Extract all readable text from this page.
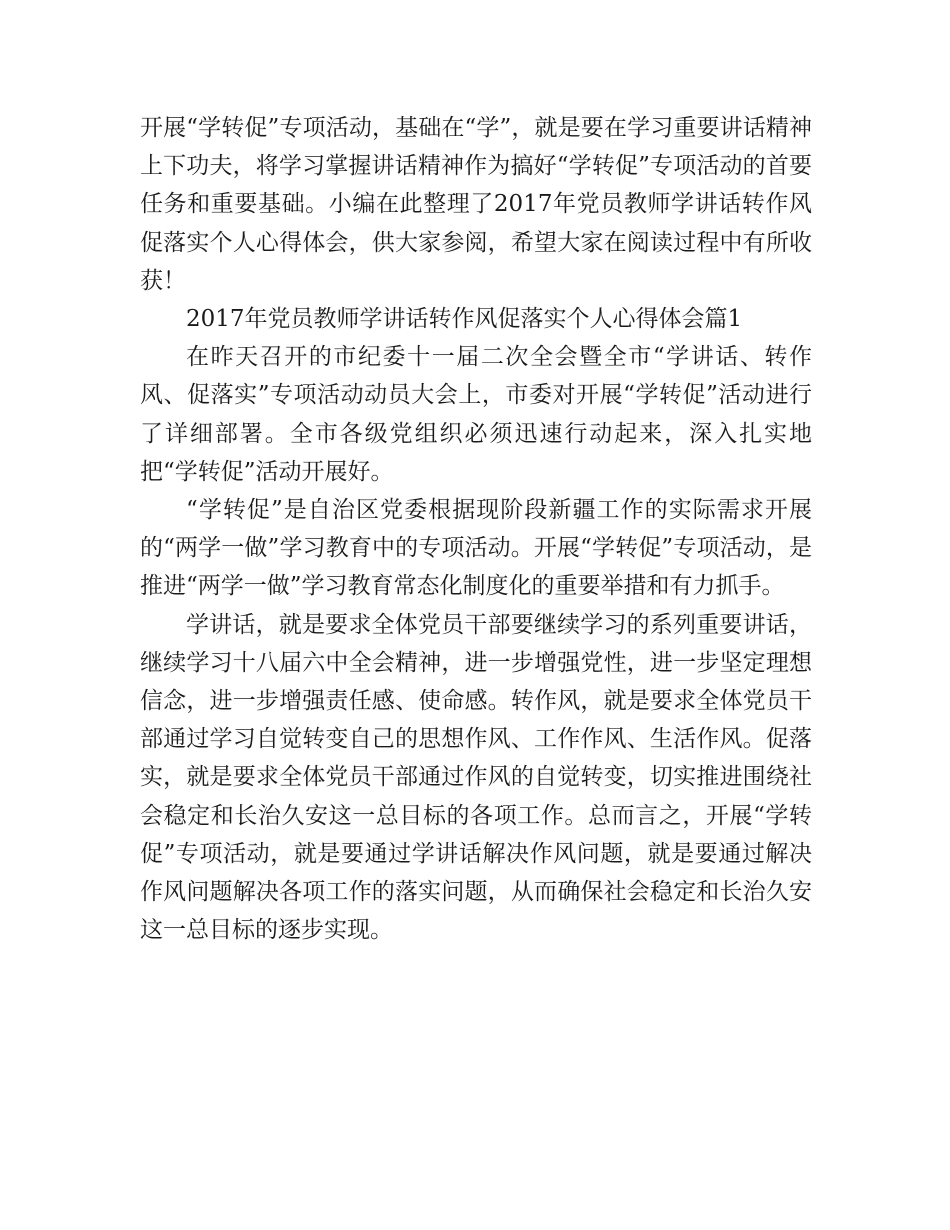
开展“学转促”专项活动，基础在“学”，就是要在学习重要讲话精神上下功夫，将学习掌握讲话精神作为搞好“学转促”专项活动的首要任务和重要基础。小编在此整理了2017年党员教师学讲话转作风促落实个人心得体会，供大家参阅，希望大家在阅读过程中有所收获！

2017年党员教师学讲话转作风促落实个人心得体会篇1

在昨天召开的市纪委十一届二次全会暨全市“学讲话、转作风、促落实”专项活动动员大会上，市委对开展“学转促”活动进行了详细部署。全市各级党组织必须迅速行动起来，深入扎实地把“学转促”活动开展好。

“学转促”是自治区党委根据现阶段新疆工作的实际需求开展的“两学一做”学习教育中的专项活动。开展“学转促”专项活动，是推进“两学一做”学习教育常态化制度化的重要举措和有力抓手。

学讲话，就是要求全体党员干部要继续学习的系列重要讲话，继续学习十八届六中全会精神，进一步增强党性，进一步坚定理想信念，进一步增强责任感、使命感。转作风，就是要求全体党员干部通过学习自觉转变自己的思想作风、工作作风、生活作风。促落实，就是要求全体党员干部通过作风的自觉转变，切实推进围绕社会稳定和长治久安这一总目标的各项工作。总而言之，开展“学转促”专项活动，就是要通过学讲话解决作风问题，就是要通过解决作风问题解决各项工作的落实问题，从而确保社会稳定和长治久安这一总目标的逐步实现。
